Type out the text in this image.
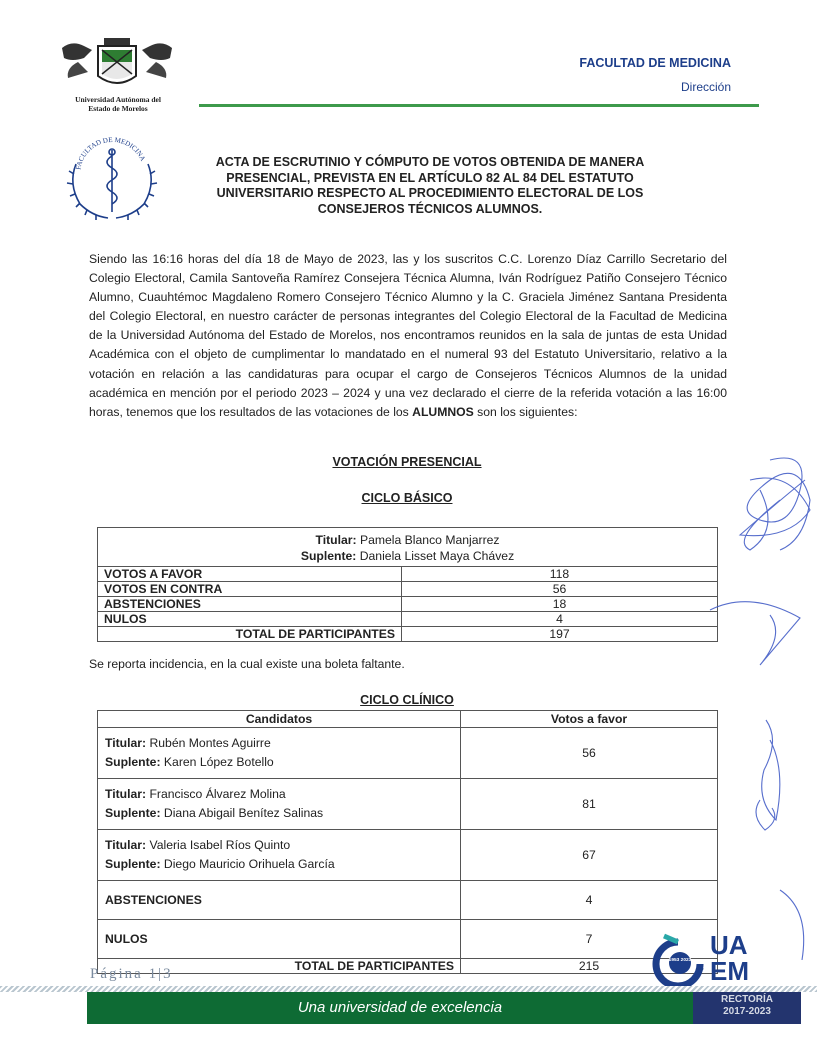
Universidad Autónoma del
Estado de Morelos
FACULTAD DE MEDICINA
Dirección
FACULTAD DE MEDICINA	ACTA DE ESCRUTINIO Y CÓMPUTO DE VOTOS OBTENIDA DE MANERA PRESENCIAL, PREVISTA EN EL ARTÍCULO 82 AL 84 DEL ESTATUTO UNIVERSITARIO RESPECTO AL PROCEDIMIENTO ELECTORAL DE LOS CONSEJEROS TÉCNICOS ALUMNOS.
Siendo las 16:16 horas del día 18 de Mayo de 2023, las y los suscritos C.C. Lorenzo Díaz Carrillo Secretario del Colegio Electoral, Camila Santoveña Ramírez Consejera Técnica Alumna, Iván Rodríguez Patiño Consejero Técnico Alumno, Cuauhtémoc Magdaleno Romero Consejero Técnico Alumno y la C. Graciela Jiménez Santana Presidenta del Colegio Electoral, en nuestro carácter de personas integrantes del Colegio Electoral de la Facultad de Medicina de la Universidad Autónoma del Estado de Morelos, nos encontramos reunidos en la sala de juntas de esta Unidad Académica con el objeto de cumplimentar lo mandatado en el numeral 93 del Estatuto Universitario, relativo a la votación en relación a las candidaturas para ocupar el cargo de Consejeros Técnicos Alumnos de la unidad académica en mención por el periodo 2023 – 2024 y una vez declarado el cierre de la referida votación a las 16:00 horas, tenemos que los resultados de las votaciones de los ALUMNOS son los siguientes:
VOTACIÓN PRESENCIAL
CICLO BÁSICO
Titular: Pamela Blanco Manjarrez
Suplente: Daniela Lisset Maya Chávez	

VOTOS A FAVOR	118
VOTOS EN CONTRA	56
ABSTENCIONES	18
NULOS	4
TOTAL DE PARTICIPANTES	197
Se reporta incidencia, en la cual existe una boleta faltante.
CICLO CLÍNICO
Candidatos	Votos a favor

Titular: Rubén Montes Aguirre
Suplente: Karen López Botello	56

Titular: Francisco Álvarez Molina
Suplente: Diana Abigail Benítez Salinas	81

Titular: Valeria Isabel Ríos Quinto
Suplente: Diego Mauricio Orihuela García	67
ABSTENCIONES	4
NULOS	7
TOTAL DE PARTICIPANTES	215
Página 1|3
1953 2023
AÑOS
UA
EM
Una universidad de excelencia	RECTORÍA
2017-2023
